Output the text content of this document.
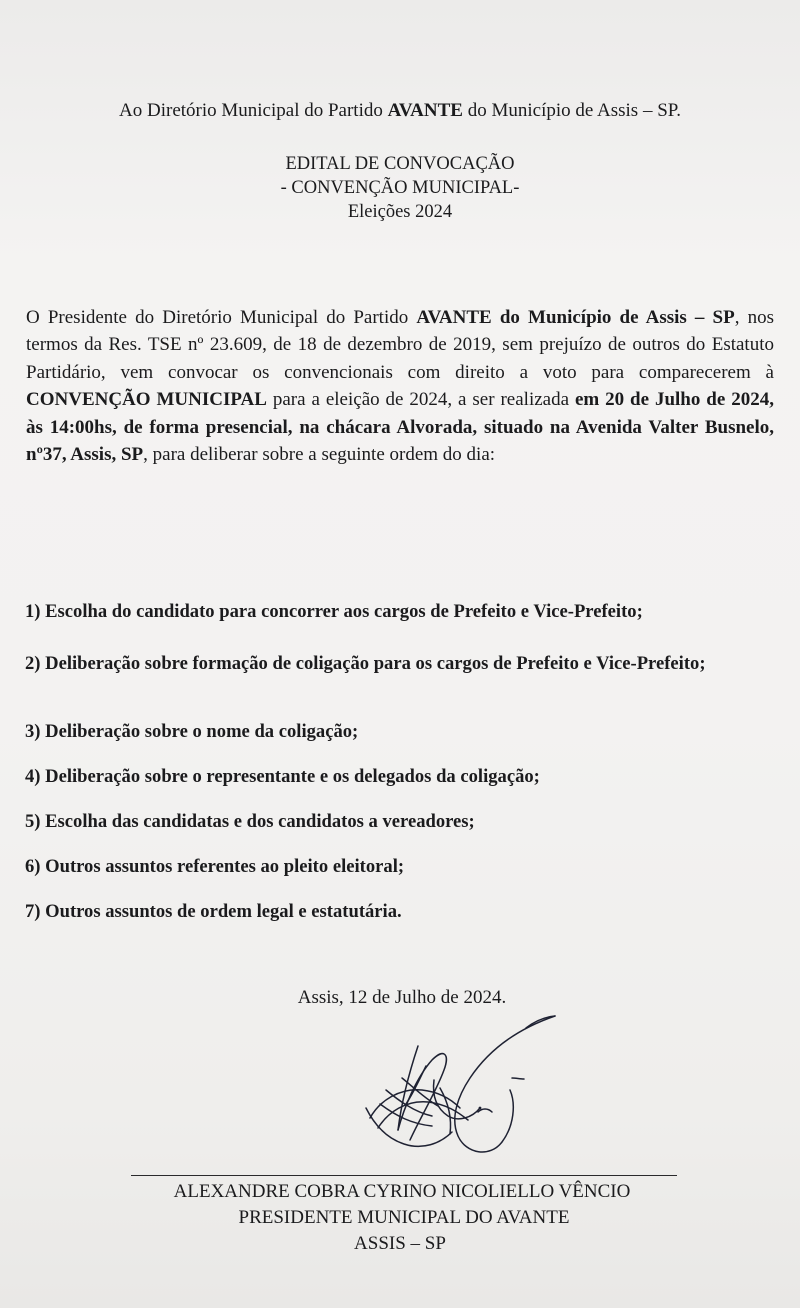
Ao Diretório Municipal do Partido AVANTE do Município de Assis – SP.
EDITAL DE CONVOCAÇÃO
- CONVENÇÃO MUNICIPAL-
Eleições 2024
O Presidente do Diretório Municipal do Partido AVANTE do Município de Assis – SP, nos termos da Res. TSE nº 23.609, de 18 de dezembro de 2019, sem prejuízo de outros do Estatuto Partidário, vem convocar os convencionais com direito a voto para comparecerem à CONVENÇÃO MUNICIPAL para a eleição de 2024, a ser realizada em 20 de Julho de 2024, às 14:00hs, de forma presencial, na chácara Alvorada, situado na Avenida Valter Busnelo, nº37, Assis, SP, para deliberar sobre a seguinte ordem do dia:
1) Escolha do candidato para concorrer aos cargos de Prefeito e Vice-Prefeito;
2) Deliberação sobre formação de coligação para os cargos de Prefeito e Vice-Prefeito;
3) Deliberação sobre o nome da coligação;
4) Deliberação sobre o representante e os delegados da coligação;
5) Escolha das candidatas e dos candidatos a vereadores;
6) Outros assuntos referentes ao pleito eleitoral;
7) Outros assuntos de ordem legal e estatutária.
Assis, 12 de Julho de 2024.
ALEXANDRE COBRA CYRINO NICOLIELLO VÊNCIO
PRESIDENTE MUNICIPAL DO AVANTE
ASSIS – SP
